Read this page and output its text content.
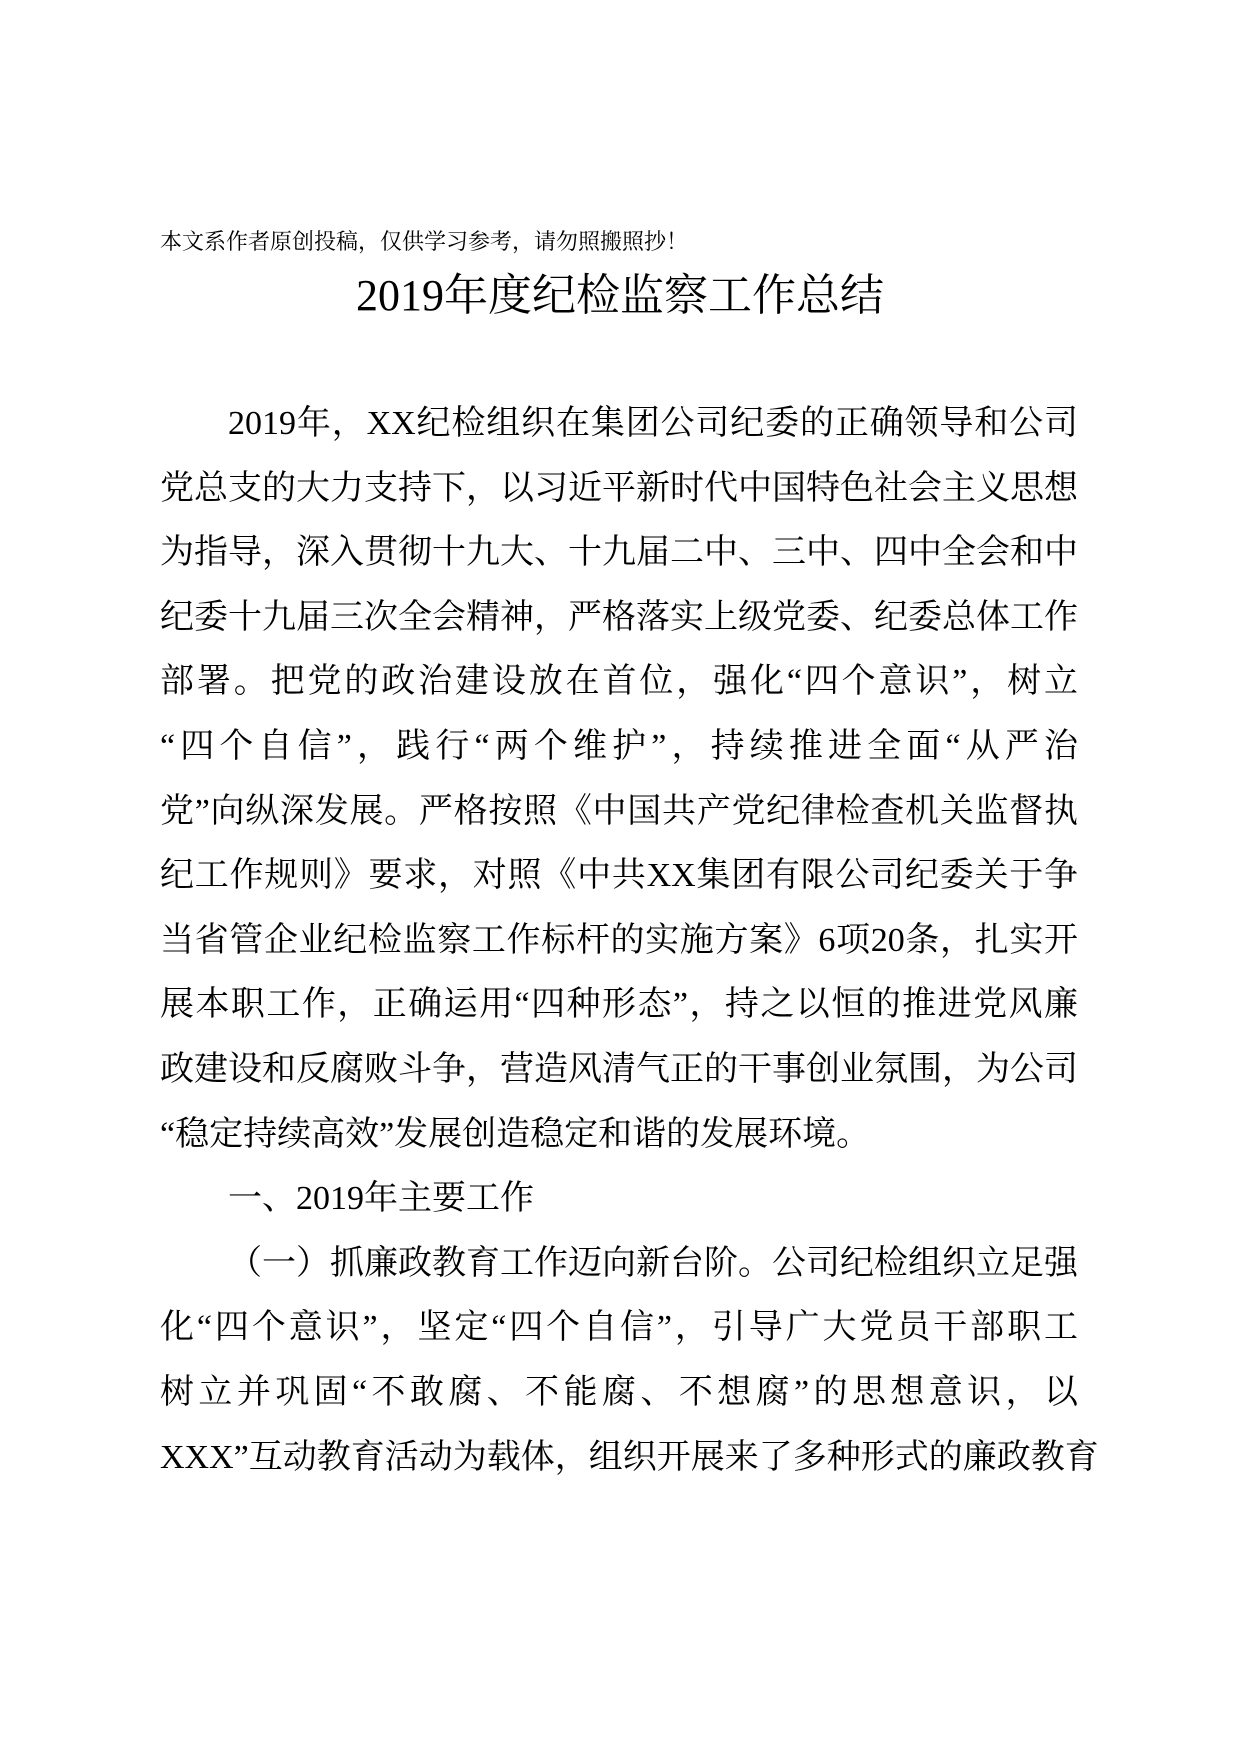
本文系作者原创投稿，仅供学习参考，请勿照搬照抄！
2019年度纪检监察工作总结
2019年，XX纪检组织在集团公司纪委的正确领导和公司
党总支的大力支持下，以习近平新时代中国特色社会主义思想
为指导，深入贯彻十九大、十九届二中、三中、四中全会和中
纪委十九届三次全会精神，严格落实上级党委、纪委总体工作
部署。把党的政治建设放在首位，强化“四个意识”，树立
“四个自信”，践行“两个维护”，持续推进全面“从严治
党”向纵深发展。严格按照《中国共产党纪律检查机关监督执
纪工作规则》要求，对照《中共XX集团有限公司纪委关于争
当省管企业纪检监察工作标杆的实施方案》6项20条，扎实开
展本职工作，正确运用“四种形态”，持之以恒的推进党风廉
政建设和反腐败斗争，营造风清气正的干事创业氛围，为公司
“稳定持续高效”发展创造稳定和谐的发展环境。
一、2019年主要工作
（一）抓廉政教育工作迈向新台阶。公司纪检组织立足强
化“四个意识”，坚定“四个自信”，引导广大党员干部职工
树立并巩固“不敢腐、不能腐、不想腐”的思想意识，以
XXX”互动教育活动为载体，组织开展来了多种形式的廉政教育
